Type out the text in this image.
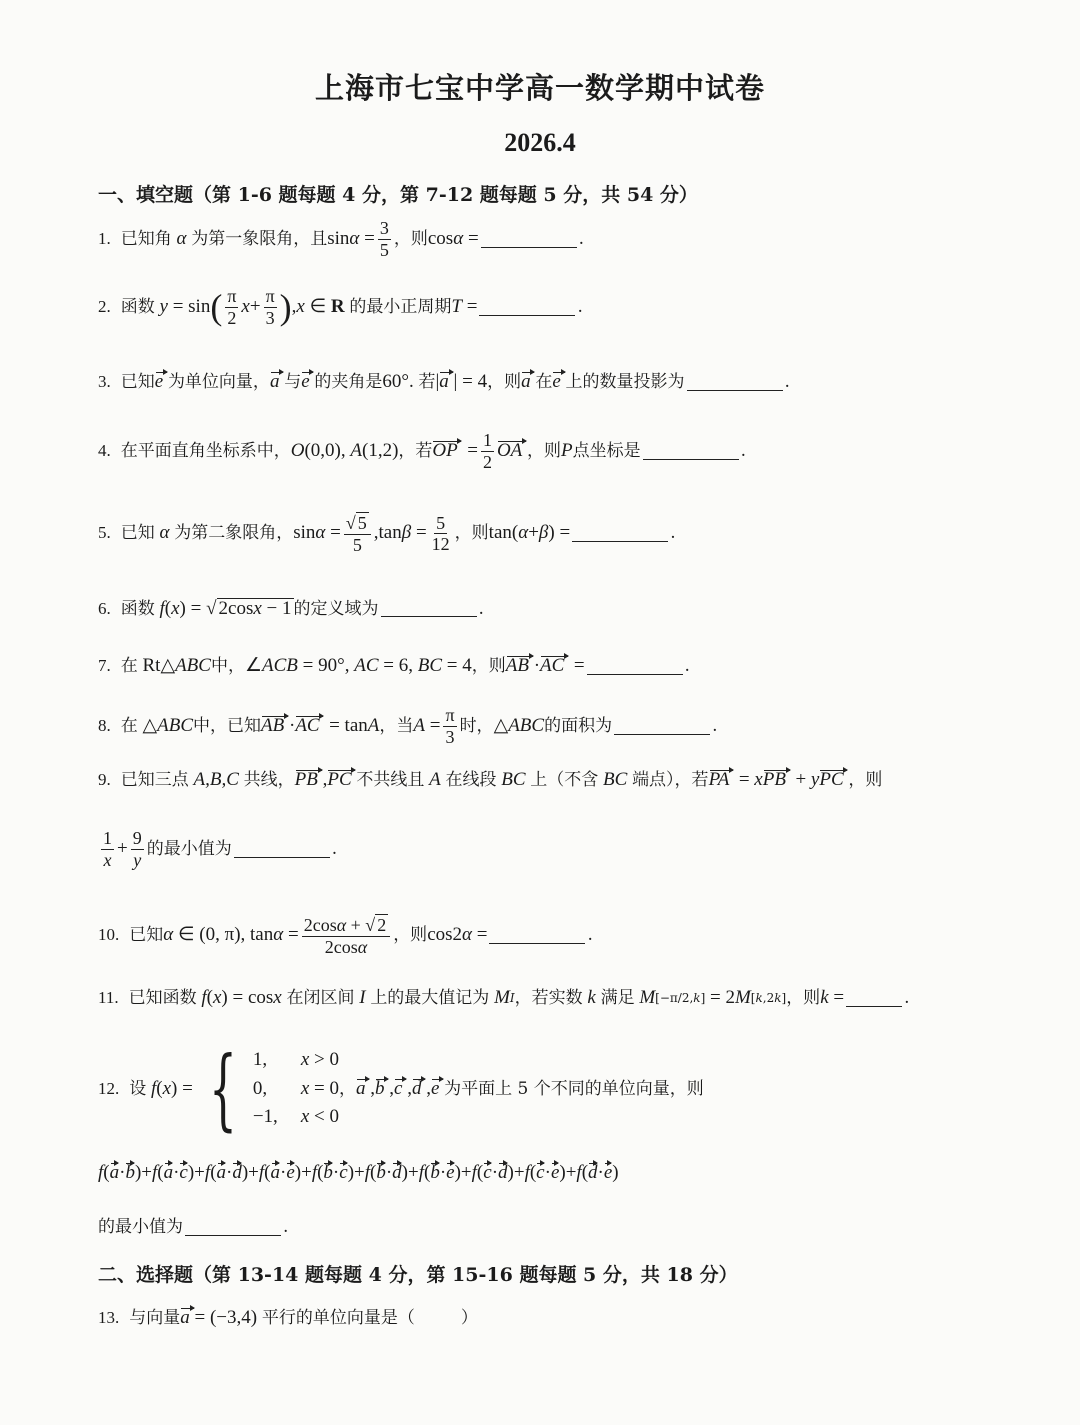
上海市七宝中学高一数学期中试卷
2026.4
一、填空题（第 1-6 题每题 4 分，第 7-12 题每题 5 分，共 54 分）
1. 已知角 α 为第一象限角，且 $\sin \alpha = \frac{3}{5}$ ，则 cos α =	.
2. 函数 y = sin ( $\frac{\pi}{2}$ $x + \frac{\pi}{3}$ ) , x ∈ R 的最小正周期 T =	.
3. 已知 e 为单位向量， a 与 e 的夹角是 60°. 若 | a | = 4 ，则 a 在 e 上的数量投影为	.
4. 在平面直角坐标系中， O (0,0), A (1,2) ，若 OP = $\frac{1}{2}$ OA ，则 P 点坐标是	.
5. 已知 α 为第二象限角， $\sin \alpha = \frac{√ 5}{5} ,\tan$ $\beta = \frac{5}{12}$ ，则 tan( α + β ) =	.
6. 函数 f ( x ) = √ 2cosx − 1 的定义域为	.
7. 在 Rt△ ABC 中， ∠ ACB = 90°, AC = 6, BC = 4 ，则 AB · AC =	.
8. 在 △ ABC 中，已知 AB · AC = tan A ，当 $A = \frac{\pi}{3}$ 时， △ ABC 的面积为	.
9. 已知三点 A,B,C 共线， PB , PC 不共线且 A 在线段 BC 上（不含 BC 端点），若 PA = x PB + y PC ，则
$\frac{1}{x} + \frac{9}{y}$ 的最小值为	.
10. 已知 α ∈ (0, π), $\tan \alpha = \frac{2\cos\alpha + √ 2}{2\cos\alpha}$ ，则 cos2 α =	.
11. 已知函数 f ( x ) = cos x 在闭区间 I 上的最大值记为 M I ，若实数 k 满足 M [−π/2,k] = 2 M [k,2k] ，则 k =	.
12. 设 f ( x ) = { 1,	x > 0
0,	x = 0
−1,	x < 0
， a , b , c , d , e 为平面上 5 个不同的单位向量，则
f(a·b)+f(a·c)+f(a·d)+f(a·e)+f(b·c)+f(b·d)+f(b·e)+f(c·d)+f(c·e)+f(d·e)
的最小值为	.
二、选择题（第 13-14 题每题 4 分，第 15-16 题每题 5 分，共 18 分）
13. 与向量 a = (−3,4) 平行的单位向量是（	）
